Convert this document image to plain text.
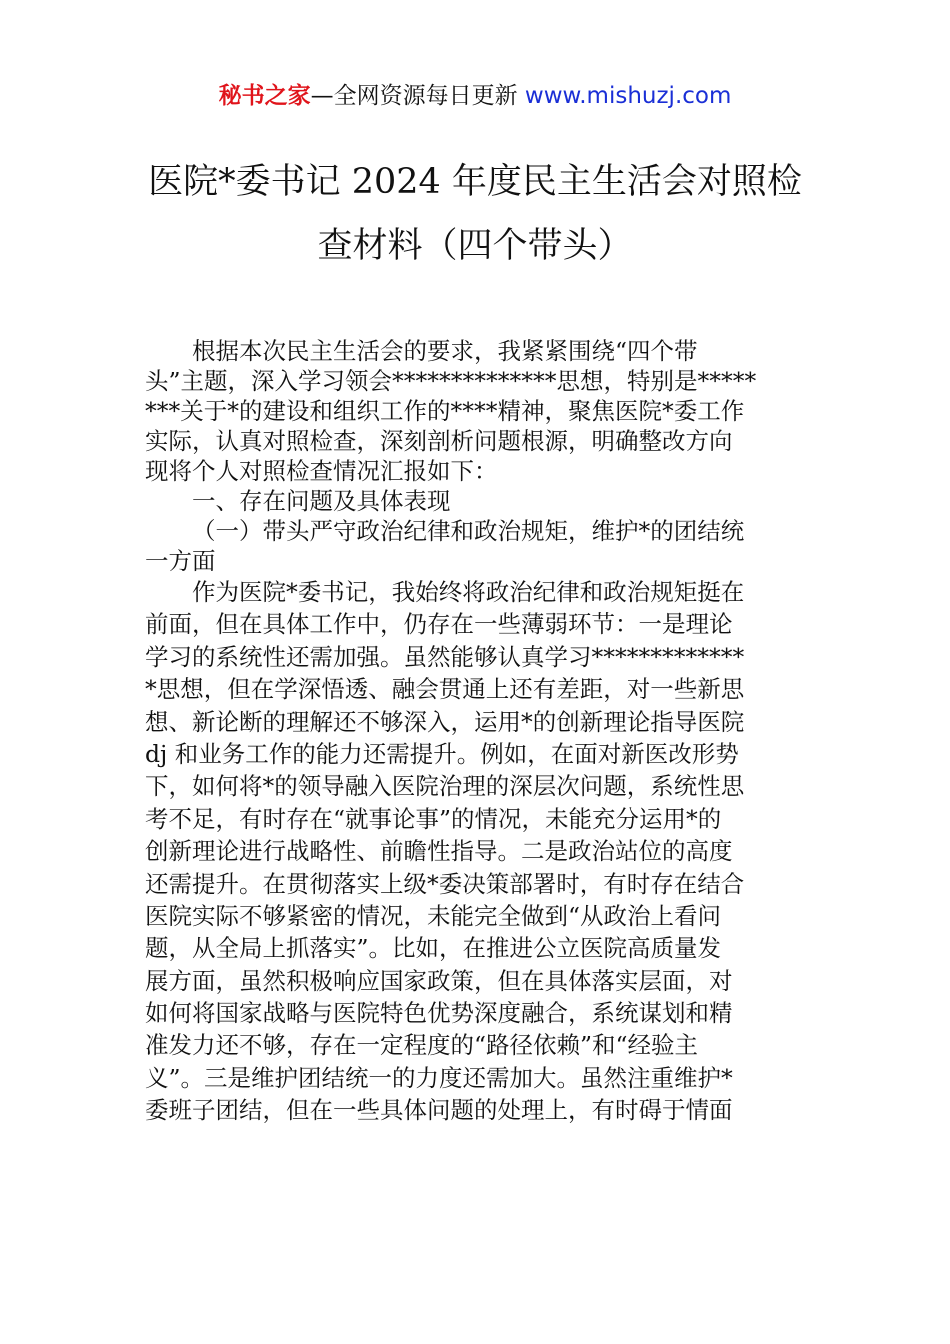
秘书之家—全网资源每日更新 www.mishuzj.com
医院*委书记 2024 年度民主生活会对照检
查材料（四个带头）

根据本次民主生活会的要求，我紧紧围绕“四个带
头”主题，深入学习领会**************思想，特别是*****
***关于*的建设和组织工作的****精神，聚焦医院*委工作
实际，认真对照检查，深刻剖析问题根源，明确整改方向
现将个人对照检查情况汇报如下：

一、存在问题及具体表现

（一）带头严守政治纪律和政治规矩，维护*的团结统
一方面

作为医院*委书记，我始终将政治纪律和政治规矩挺在
前面，但在具体工作中，仍存在一些薄弱环节：一是理论
学习的系统性还需加强。虽然能够认真学习*************
*思想，但在学深悟透、融会贯通上还有差距，对一些新思
想、新论断的理解还不够深入，运用*的创新理论指导医院
dj 和业务工作的能力还需提升。例如，在面对新医改形势
下，如何将*的领导融入医院治理的深层次问题，系统性思
考不足，有时存在“就事论事”的情况，未能充分运用*的
创新理论进行战略性、前瞻性指导。二是政治站位的高度
还需提升。在贯彻落实上级*委决策部署时，有时存在结合
医院实际不够紧密的情况，未能完全做到“从政治上看问
题，从全局上抓落实”。比如，在推进公立医院高质量发
展方面，虽然积极响应国家政策，但在具体落实层面，对
如何将国家战略与医院特色优势深度融合，系统谋划和精
准发力还不够，存在一定程度的“路径依赖”和“经验主
义”。三是维护团结统一的力度还需加大。虽然注重维护*
委班子团结，但在一些具体问题的处理上，有时碍于情面
